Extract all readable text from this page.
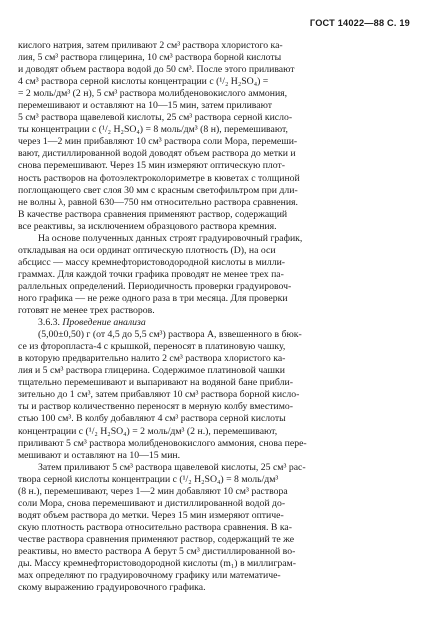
ГОСТ 14022—88 С. 19
кислого натрия, затем приливают 2 см³ раствора хлористого ка-
лия, 5 см³ раствора глицерина, 10 см³ раствора борной кислоты
и доводят объем раствора водой до 50 см³. После этого приливают
4 см³ раствора серной кислоты концентрации с (¹/₂ H₂SO₄) =
= 2 моль/дм³ (2 н), 5 см³ раствора молибденовокислого аммония,
перемешивают и оставляют на 10—15 мин, затем приливают
5 см³ раствора щавелевой кислоты, 25 см³ раствора серной кисло-
ты концентрации с (¹/₂ H₂SO₄) = 8 моль/дм³ (8 н), перемешивают,
через 1—2 мин прибавляют 10 см³ раствора соли Мора, перемеши-
вают, дистиллированной водой доводят объем раствора до метки и
снова перемешивают. Через 15 мин измеряют оптическую плот-
ность растворов на фотоэлектроколориметре в кюветах с толщиной
поглощающего свет слоя 30 мм с красным светофильтром при дли-
не волны λ, равной 630—750 нм относительно раствора сравнения.
В качестве раствора сравнения применяют раствор, содержащий
все реактивы, за исключением образцового раствора кремния.
На основе полученных данных строят градуировочный график,
откладывая на оси ординат оптическую плотность (D), на оси
абсцисс — массу кремнефтористоводородной кислоты в милли-
граммах. Для каждой точки графика проводят не менее трех па-
раллельных определений. Периодичность проверки градуировоч-
ного графика — не реже одного раза в три месяца. Для проверки
готовят не менее трех растворов.
3.6.3. Проведение анализа
(5,00±0,50) г (от 4,5 до 5,5 см³) раствора А, взвешенного в бюк-
се из фторопласта-4 с крышкой, переносят в платиновую чашку,
в которую предварительно налито 2 см³ раствора хлористого ка-
лия и 5 см³ раствора глицерина. Содержимое платиновой чашки
тщательно перемешивают и выпаривают на водяной бане прибли-
зительно до 1 см³, затем прибавляют 10 см³ раствора борной кисло-
ты и раствор количественно переносят в мерную колбу вместимо-
стью 100 см³. В колбу добавляют 4 см³ раствора серной кислоты
концентрации с (¹/₂ H₂SO₄) = 2 моль/дм³ (2 н.), перемешивают,
приливают 5 см³ раствора молибденовокислого аммония, снова пере-
мешивают и оставляют на 10—15 мин.
Затем приливают 5 см³ раствора щавелевой кислоты, 25 см³ рас-
твора серной кислоты концентрации с (¹/₂ H₂SO₄) = 8 моль/дм³
(8 н.), перемешивают, через 1—2 мин добавляют 10 см³ раствора
соли Мора, снова перемешивают и дистиллированной водой до-
водят объем раствора до метки. Через 15 мин измеряют оптиче-
скую плотность раствора относительно раствора сравнения. В ка-
честве раствора сравнения применяют раствор, содержащий те же
реактивы, но вместо раствора А берут 5 см³ дистиллированной во-
ды. Массу кремнефтористоводородной кислоты (m₁) в миллиграм-
мах определяют по градуировочному графику или математиче-
скому выражению градуировочного графика.
